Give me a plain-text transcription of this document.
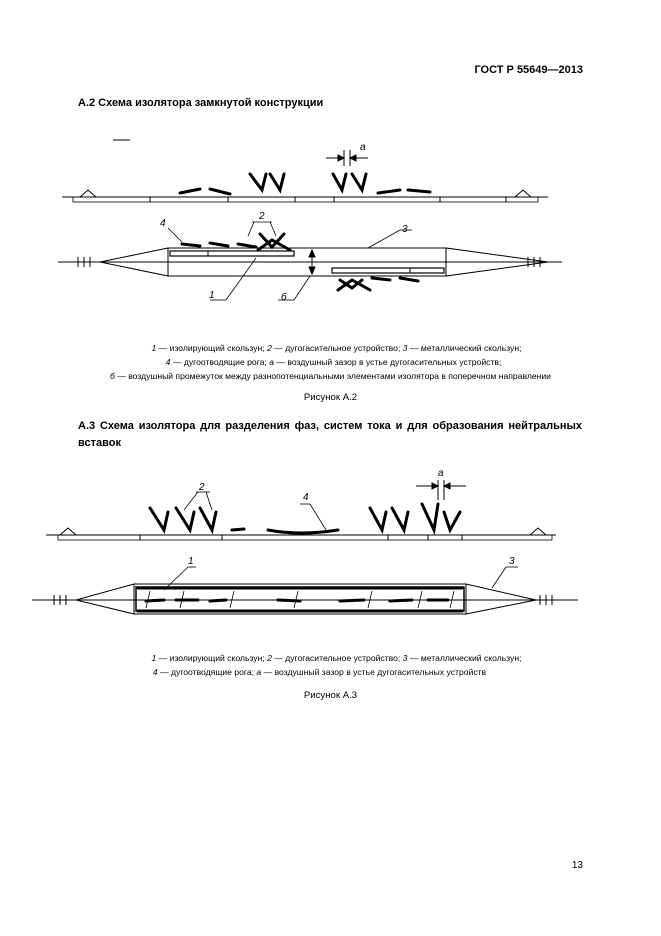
ГОСТ Р 55649—2013
А.2 Схема изолятора замкнутой конструкции
a
4
2
3
1	б
1 — изолирующий скользун; 2 — дугогасительное устройство; 3 — металлический скользун;
4 — дугоотводящие рога; а — воздушный зазор в устье дугогасительных устройств;
б — воздушный промежуток между разнопотенциальными элементами изолятора в поперечном направлении
Рисунок А.2
А.3 Схема изолятора для разделения фаз, систем тока и для образования нейтральных вставок
a
2
4
1	3
1 — изолирующий скользун; 2 — дугогасительное устройство; 3 — металлический скользун;
4 — дугоотводящие рога; а — воздушный зазор в устье дугогасительных устройств
Рисунок А.3
13
